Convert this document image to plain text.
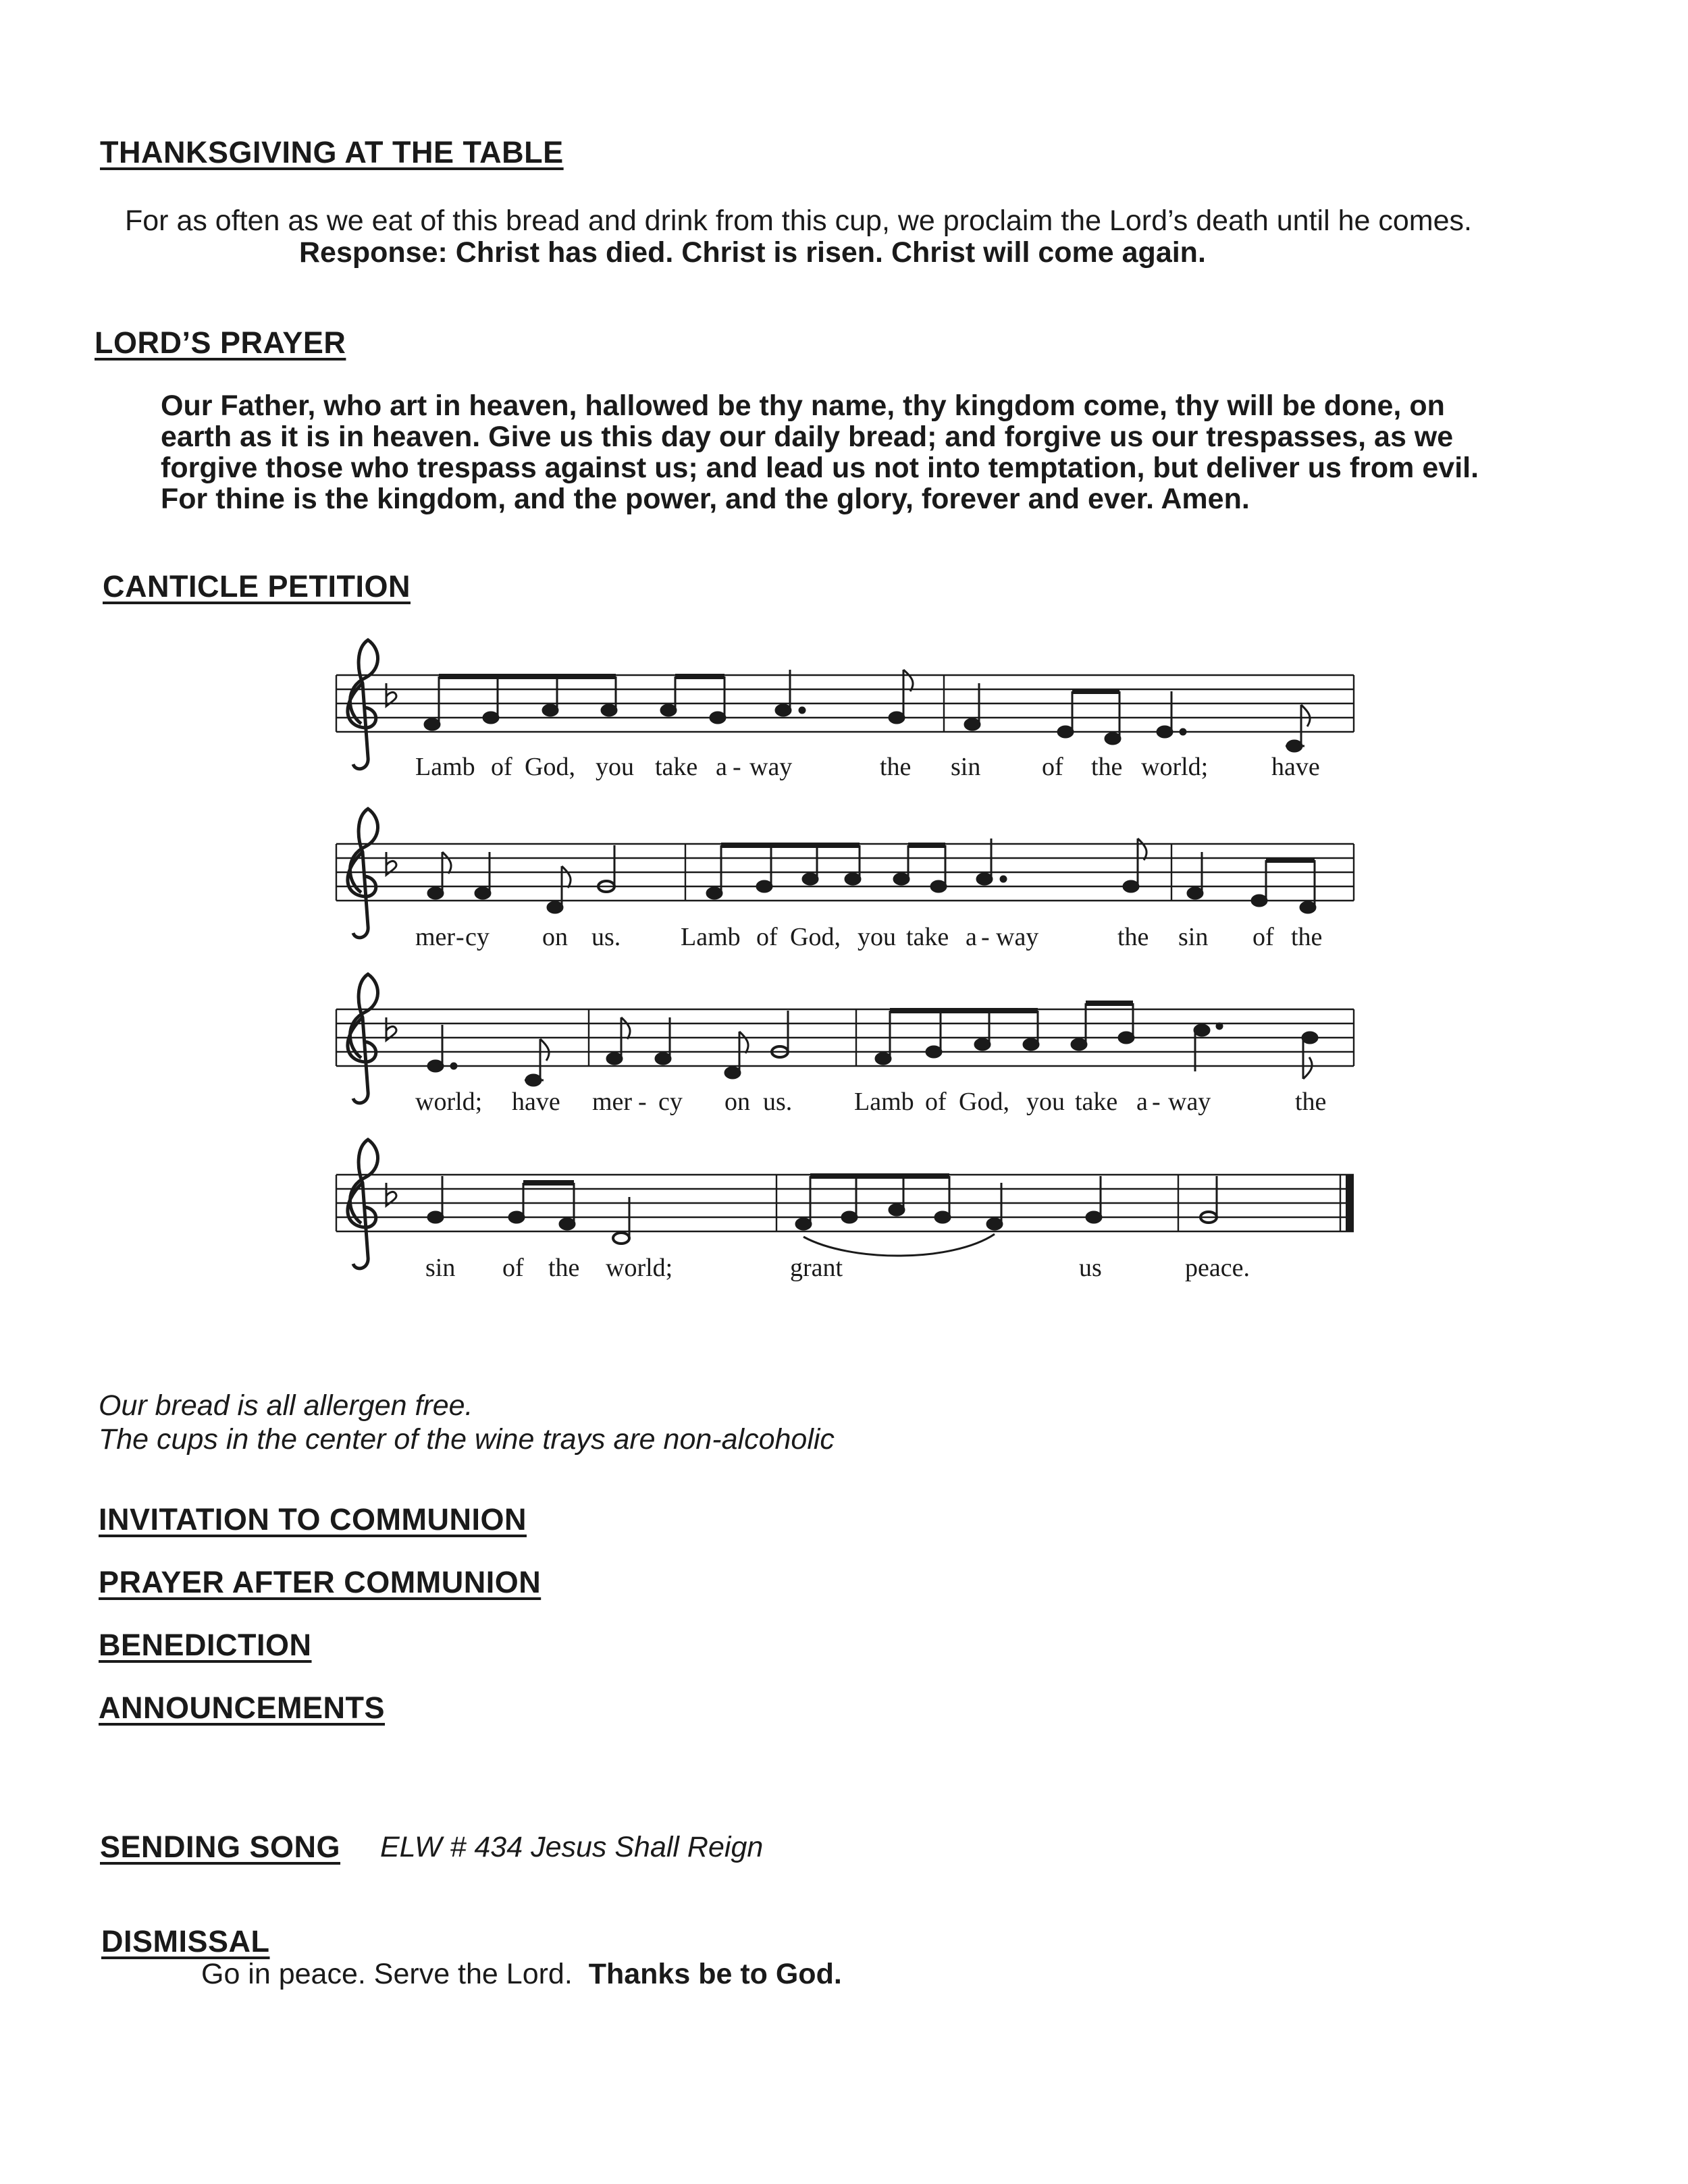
THANKSGIVING AT THE TABLE
For as often as we eat of this bread and drink from this cup, we proclaim the Lord’s death until he comes.
Response: Christ has died. Christ is risen. Christ will come again.
LORD’S PRAYER
Our Father, who art in heaven, hallowed be thy name, thy kingdom come, thy will be done, on
earth as it is in heaven. Give us this day our daily bread; and forgive us our trespasses, as we
forgive those who trespass against us; and lead us not into temptation, but deliver us from evil.
For thine is the kingdom, and the power, and the glory, forever and ever. Amen.
CANTICLE PETITION
Lamb of God, you take a - way	the sin of the world; have
mer - cy on us. Lamb of God, you take a - way	the sin of the
world; have mer - cy on us. Lamb of God, you take a - way	the
sin of the world;	grant	us	peace.
Our bread is all allergen free.
The cups in the center of the wine trays are non-alcoholic
INVITATION TO COMMUNION
PRAYER AFTER COMMUNION
BENEDICTION
ANNOUNCEMENTS
SENDING SONG ELW # 434 Jesus Shall Reign
DISMISSAL
Go in peace. Serve the Lord. Thanks be to God.
